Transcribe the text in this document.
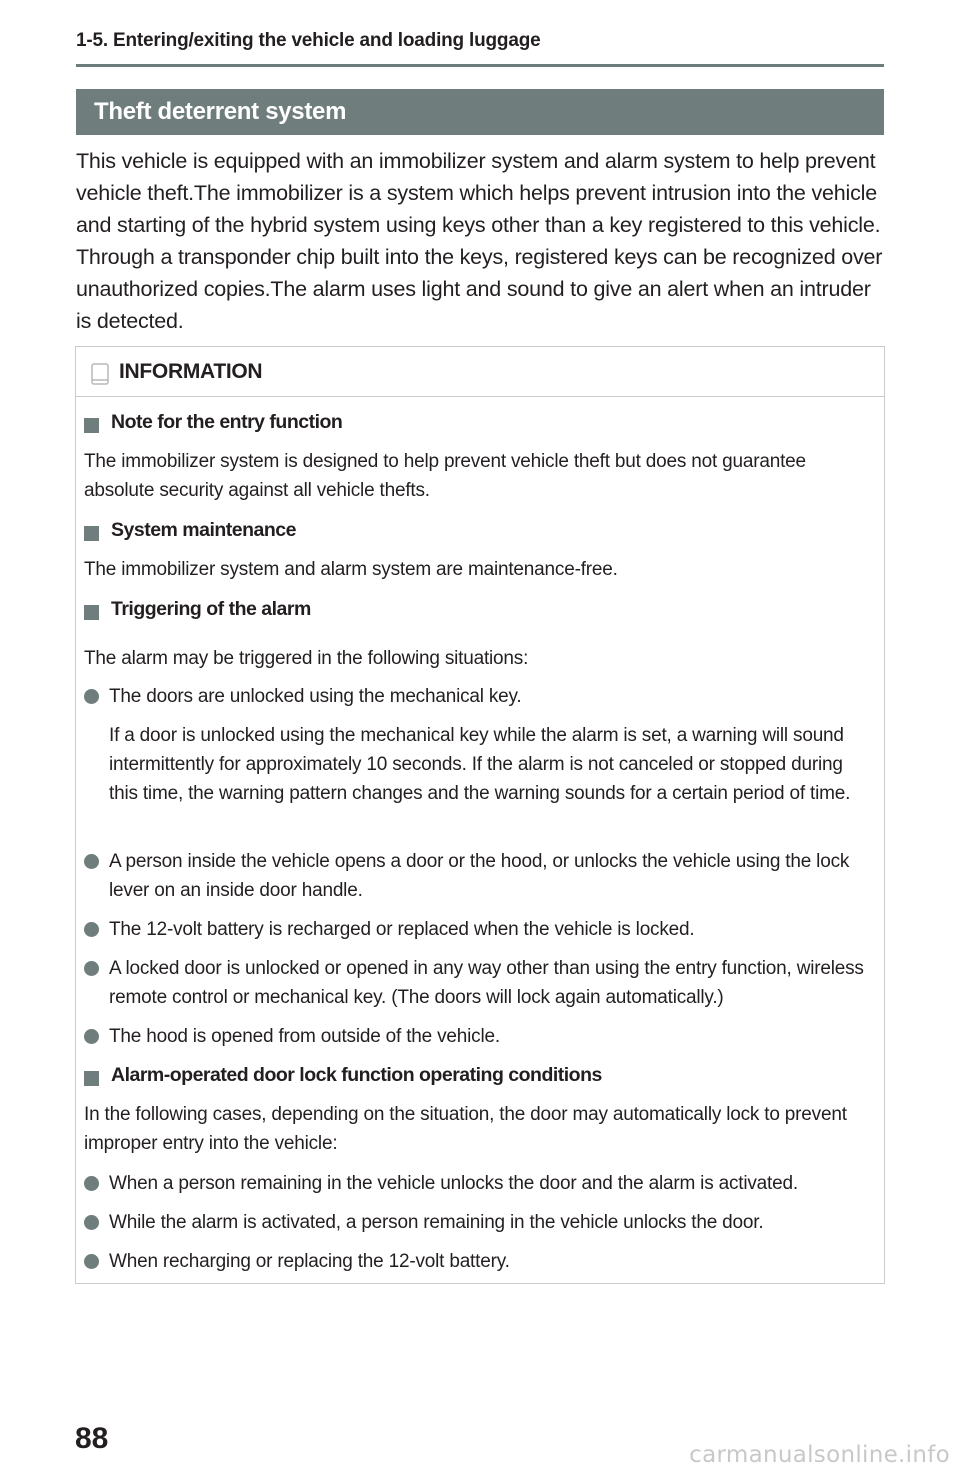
1-5. Entering/exiting the vehicle and loading luggage
Theft deterrent system

This vehicle is equipped with an immobilizer system and alarm system to help prevent vehicle theft.The immobilizer is a system which helps prevent intrusion into the vehicle and starting of the hybrid system using keys other than a key registered to this vehicle. Through a transponder chip built into the keys, registered keys can be recognized over unauthorized copies.The alarm uses light and sound to give an alert when an intruder is detected.

INFORMATION
Note for the entry function

The immobilizer system is designed to help prevent vehicle theft but does not guarantee absolute security against all vehicle thefts.

System maintenance

The immobilizer system and alarm system are maintenance-free.

Triggering of the alarm

The alarm may be triggered in the following situations:

The doors are unlocked using the mechanical key.

If a door is unlocked using the mechanical key while the alarm is set, a warning will sound intermittently for approximately 10 seconds. If the alarm is not canceled or stopped during this time, the warning pattern changes and the warning sounds for a certain period of time.

A person inside the vehicle opens a door or the hood, or unlocks the vehicle using the lock lever on an inside door handle.

The 12-volt battery is recharged or replaced when the vehicle is locked.

A locked door is unlocked or opened in any way other than using the entry function, wireless remote control or mechanical key. (The doors will lock again automatically.)

The hood is opened from outside of the vehicle.

Alarm-operated door lock function operating conditions

In the following cases, depending on the situation, the door may automatically lock to prevent improper entry into the vehicle:

When a person remaining in the vehicle unlocks the door and the alarm is activated.

While the alarm is activated, a person remaining in the vehicle unlocks the door.

When recharging or replacing the 12-volt battery.

88	carmanualsonline.info
